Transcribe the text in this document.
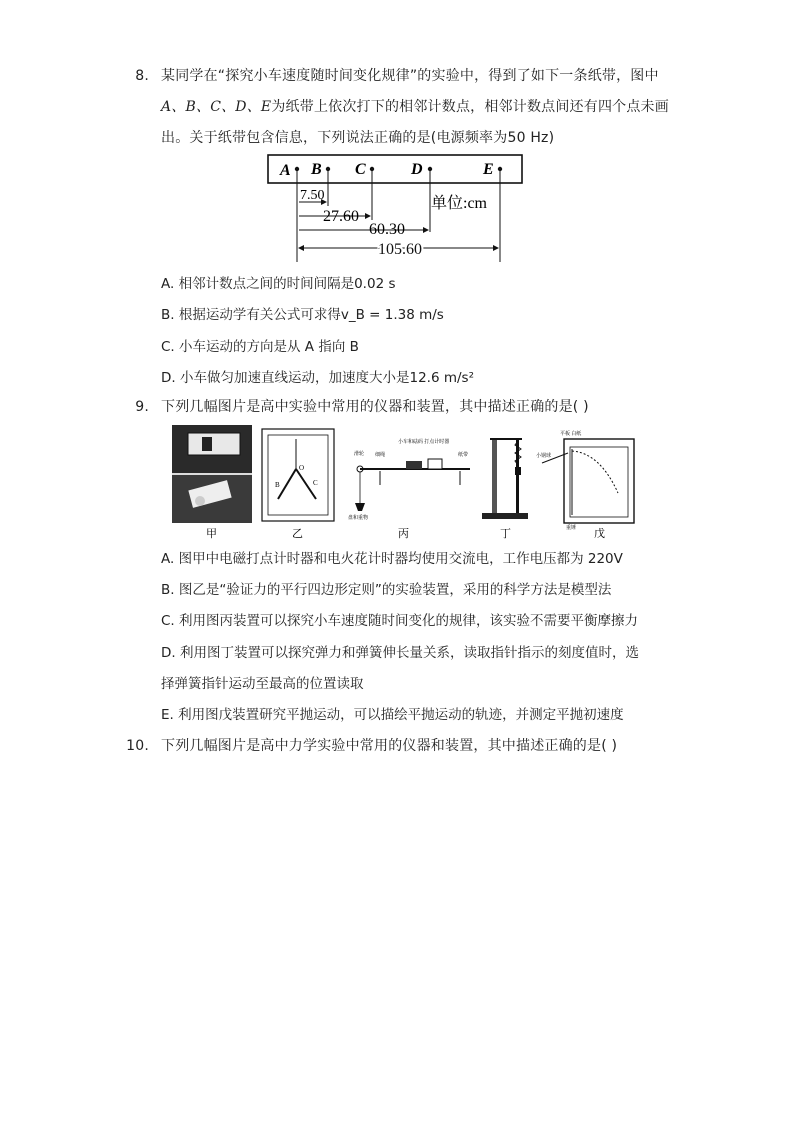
8. 某同学在“探究小车速度随时间变化规律”的实验中，得到了如下一条纸带，图中
A、B、C、D、E为纸带上依次打下的相邻计数点，相邻计数点间还有四个点未画
出。关于纸带包含信息，下列说法正确的是(电源频率为50 Hz)
A B C	D	E
7.50
27.60
60.30
单位:cm
105.60
A. 相邻计数点之间的时间间隔是0.02 s
B. 根据运动学有关公式可求得v_B = 1.38 m/s
C. 小车运动的方向是从 A 指向 B
D. 小车做匀加速直线运动，加速度大小是12.6 m/s²
9. 下列几幅图片是高中实验中常用的仪器和装置，其中描述正确的是( )
O
B	C
小车和砝码 打点计时器
滑轮 细绳	纸带
盘和重物
平板 白纸
小钢球
重锤
甲	乙	丙	丁	戊
A. 图甲中电磁打点计时器和电火花计时器均使用交流电，工作电压都为 220V
B. 图乙是“验证力的平行四边形定则”的实验装置，采用的科学方法是模型法
C. 利用图丙装置可以探究小车速度随时间变化的规律，该实验不需要平衡摩擦力
D. 利用图丁装置可以探究弹力和弹簧伸长量关系，读取指针指示的刻度值时，选
择弹簧指针运动至最高的位置读取
E. 利用图戊装置研究平抛运动，可以描绘平抛运动的轨迹，并测定平抛初速度
10. 下列几幅图片是高中力学实验中常用的仪器和装置，其中描述正确的是( )
